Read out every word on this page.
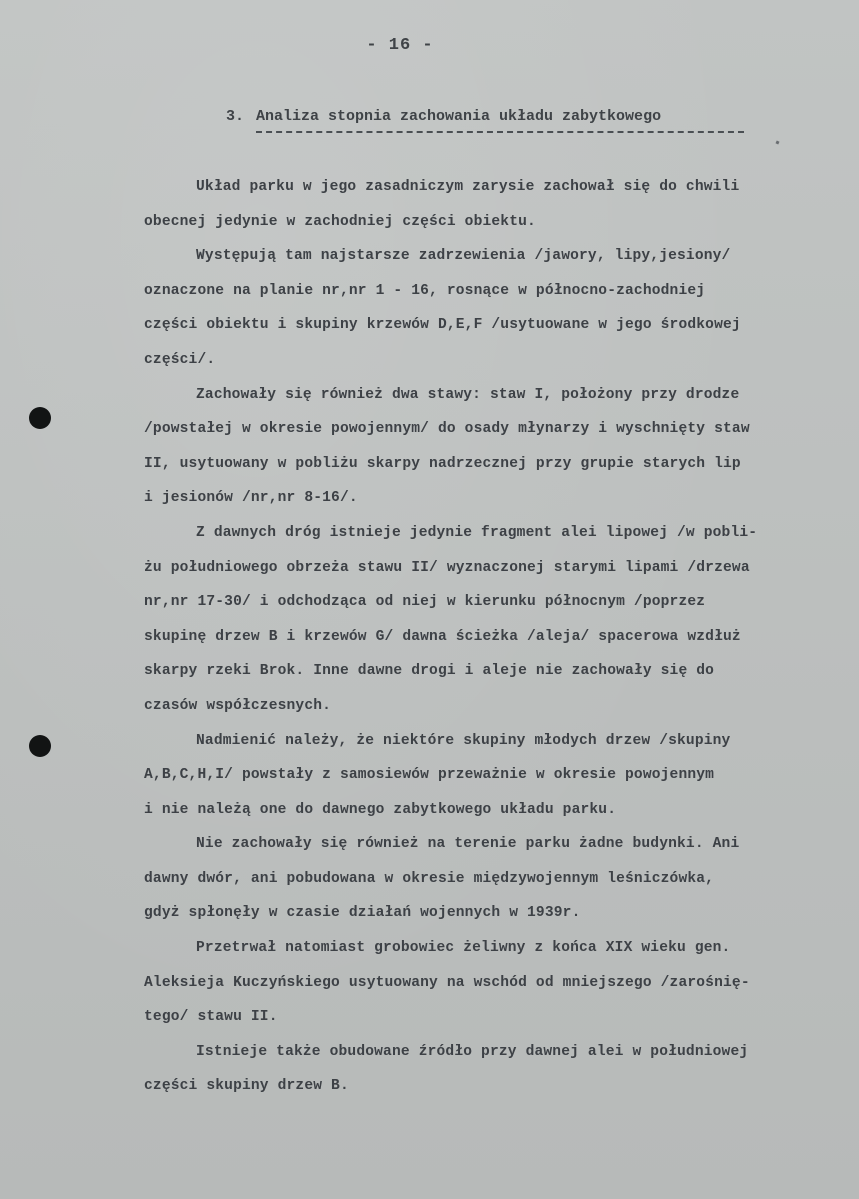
- 16 -
3. Analiza stopnia zachowania układu zabytkowego
Układ parku w jego zasadniczym zarysie zachował się do chwili
obecnej jedynie w zachodniej części obiektu.
Występują tam najstarsze zadrzewienia /jawory, lipy,jesiony/
oznaczone na planie nr,nr 1 - 16, rosnące w północno-zachodniej
części obiektu i skupiny krzewów D,E,F /usytuowane w jego środkowej
części/.
Zachowały się również dwa stawy: staw I, położony przy drodze
/powstałej w okresie powojennym/ do osady młynarzy i wyschnięty staw
II, usytuowany w pobliżu skarpy nadrzecznej przy grupie starych lip
i jesionów /nr,nr 8-16/.
Z dawnych dróg istnieje jedynie fragment alei lipowej /w pobli-
żu południowego obrzeża stawu II/ wyznaczonej starymi lipami /drzewa
nr,nr 17-30/ i odchodząca od niej w kierunku północnym /poprzez
skupinę drzew B i krzewów G/ dawna ścieżka /aleja/ spacerowa wzdłuż
skarpy rzeki Brok. Inne dawne drogi i aleje nie zachowały się do
czasów współczesnych.
Nadmienić należy, że niektóre skupiny młodych drzew /skupiny
A,B,C,H,I/ powstały z samosiewów przeważnie w okresie powojennym
i nie należą one do dawnego zabytkowego układu parku.
Nie zachowały się również na terenie parku żadne budynki. Ani
dawny dwór, ani pobudowana w okresie międzywojennym leśniczówka,
gdyż spłonęły w czasie działań wojennych w 1939r.
Przetrwał natomiast grobowiec żeliwny z końca XIX wieku gen.
Aleksieja Kuczyńskiego usytuowany na wschód od mniejszego /zarośnię-
tego/ stawu II.
Istnieje także obudowane źródło przy dawnej alei w południowej
części skupiny drzew B.
